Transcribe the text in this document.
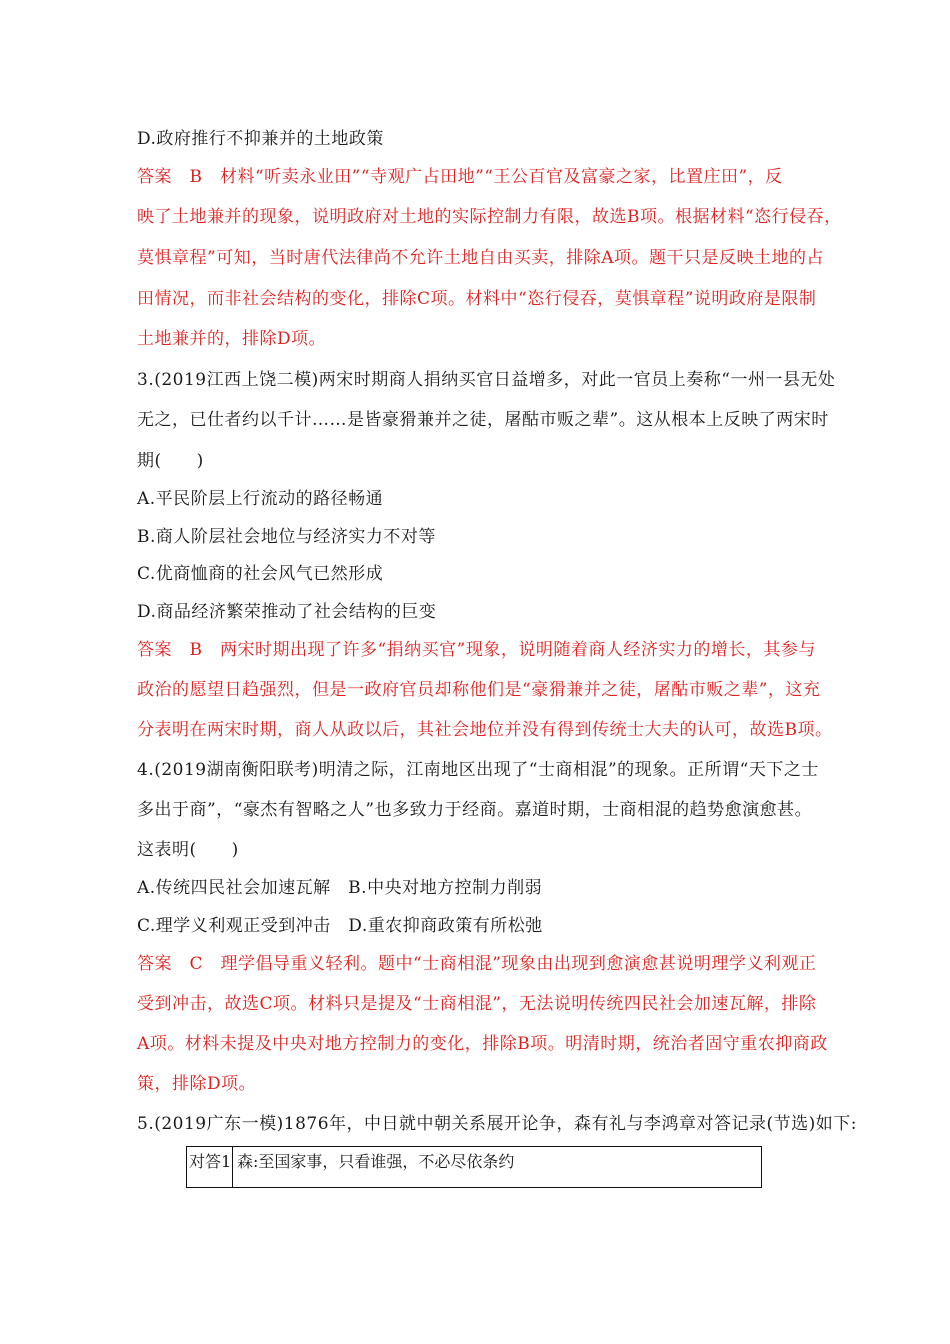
D.政府推行不抑兼并的土地政策
答案　B　材料“听卖永业田”“寺观广占田地”“王公百官及富豪之家，比置庄田”，反
映了土地兼并的现象，说明政府对土地的实际控制力有限，故选B项。根据材料“恣行侵吞，
莫惧章程”可知，当时唐代法律尚不允许土地自由买卖，排除A项。题干只是反映土地的占
田情况，而非社会结构的变化，排除C项。材料中“恣行侵吞，莫惧章程”说明政府是限制
土地兼并的，排除D项。
3.(2019江西上饶二模)两宋时期商人捐纳买官日益增多，对此一官员上奏称“一州一县无处
无之，已仕者约以千计……是皆豪猾兼并之徒，屠酤市贩之辈”。这从根本上反映了两宋时
期(　　)
A.平民阶层上行流动的路径畅通
B.商人阶层社会地位与经济实力不对等
C.优商恤商的社会风气已然形成
D.商品经济繁荣推动了社会结构的巨变
答案　B　两宋时期出现了许多“捐纳买官”现象，说明随着商人经济实力的增长，其参与
政治的愿望日趋强烈，但是一政府官员却称他们是“豪猾兼并之徒，屠酤市贩之辈”，这充
分表明在两宋时期，商人从政以后，其社会地位并没有得到传统士大夫的认可，故选B项。
4.(2019湖南衡阳联考)明清之际，江南地区出现了“士商相混”的现象。正所谓“天下之士
多出于商”，“豪杰有智略之人”也多致力于经商。嘉道时期，士商相混的趋势愈演愈甚。
这表明(　　)
A.传统四民社会加速瓦解　B.中央对地方控制力削弱
C.理学义利观正受到冲击　D.重农抑商政策有所松弛
答案　C　理学倡导重义轻利。题中“士商相混”现象由出现到愈演愈甚说明理学义利观正
受到冲击，故选C项。材料只是提及“士商相混”，无法说明传统四民社会加速瓦解，排除
A项。材料未提及中央对地方控制力的变化，排除B项。明清时期，统治者固守重农抑商政
策，排除D项。
5.(2019广东一模)1876年，中日就中朝关系展开论争，森有礼与李鸿章对答记录(节选)如下:
对答1 森:至国家事，只看谁强，不必尽依条约
